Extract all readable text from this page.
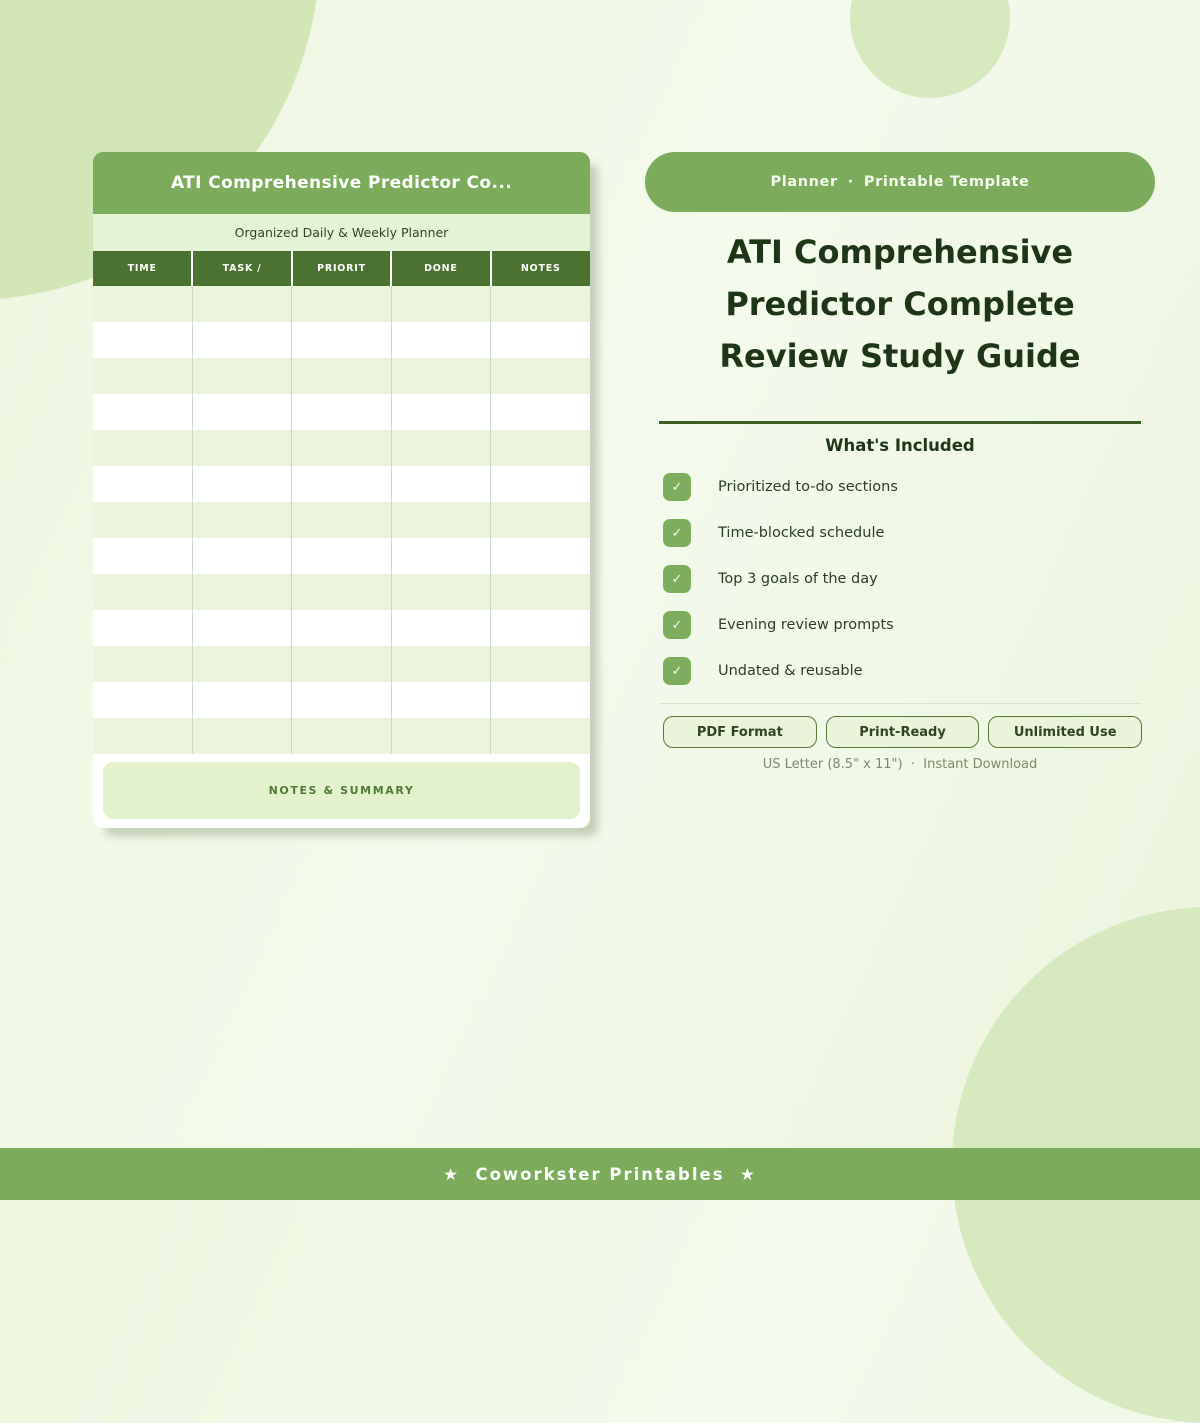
ATI Comprehensive Predictor Co...
Organized Daily & Weekly Planner
TIME	TASK /	PRIORIT	DONE	NOTES

NOTES & SUMMARY
Planner · Printable Template
ATI Comprehensive
Predictor Complete
Review Study Guide
What's Included
✓	Prioritized to-do sections
✓	Time-blocked schedule
✓	Top 3 goals of the day
✓	Evening review prompts
✓	Undated & reusable
PDF Format	Print-Ready	Unlimited Use
US Letter (8.5" x 11")  ·  Instant Download
★  Coworkster Printables  ★
